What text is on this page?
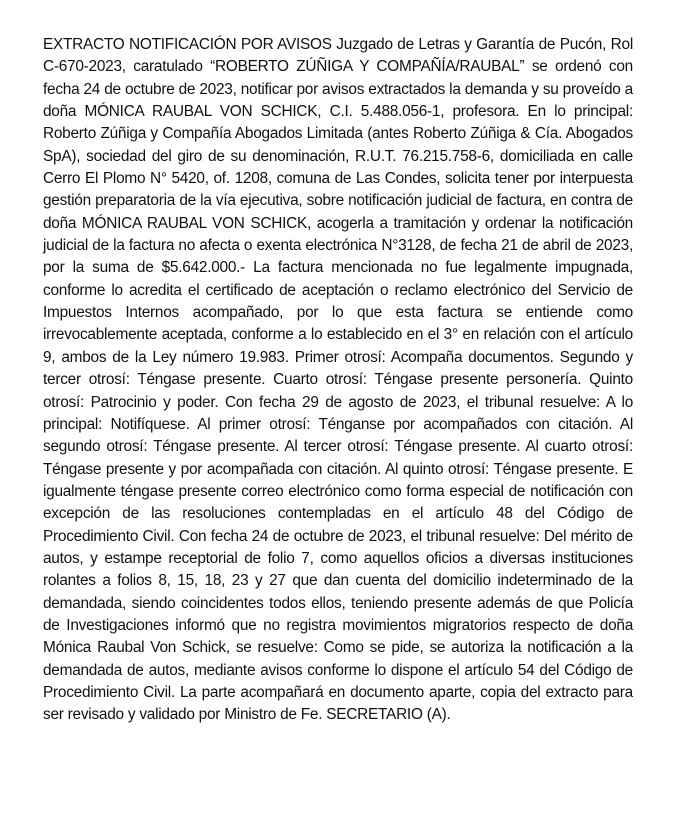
EXTRACTO NOTIFICACIÓN POR AVISOS Juzgado de Letras y Garantía de Pucón, Rol C-670-2023, caratulado “ROBERTO ZÚÑIGA Y COMPAÑÍA/RAUBAL” se ordenó con fecha 24 de octubre de 2023, notificar por avisos extractados la demanda y su proveído a doña MÓNICA RAUBAL VON SCHICK, C.I. 5.488.056-1, profesora. En lo principal: Roberto Zúñiga y Compañía Abogados Limitada (antes Roberto Zúñiga & Cía. Abogados SpA), sociedad del giro de su denominación, R.U.T. 76.215.758-6, domiciliada en calle Cerro El Plomo N° 5420, of. 1208, comuna de Las Condes, solicita tener por interpuesta gestión preparatoria de la vía ejecutiva, sobre notificación judicial de factura, en contra de doña MÓNICA RAUBAL VON SCHICK, acogerla a tramitación y ordenar la notificación judicial de la factura no afecta o exenta electrónica N°3128, de fecha 21 de abril de 2023, por la suma de $5.642.000.- La factura mencionada no fue legalmente impugnada, conforme lo acredita el certificado de aceptación o reclamo electrónico del Servicio de Impuestos Internos acompañado, por lo que esta factura se entiende como irrevocablemente aceptada, conforme a lo establecido en el 3° en relación con el artículo 9, ambos de la Ley número 19.983. Primer otrosí: Acompaña documentos. Segundo y tercer otrosí: Téngase presente. Cuarto otrosí: Téngase presente personería. Quinto otrosí: Patrocinio y poder. Con fecha 29 de agosto de 2023, el tribunal resuelve: A lo principal: Notifíquese. Al primer otrosí: Ténganse por acompañados con citación. Al segundo otrosí: Téngase presente. Al tercer otrosí: Téngase presente. Al cuarto otrosí: Téngase presente y por acompañada con citación. Al quinto otrosí: Téngase presente. E igualmente téngase presente correo electrónico como forma especial de notificación con excepción de las resoluciones contempladas en el artículo 48 del Código de Procedimiento Civil. Con fecha 24 de octubre de 2023, el tribunal resuelve: Del mérito de autos, y estampe receptorial de folio 7, como aquellos oficios a diversas instituciones rolantes a folios 8, 15, 18, 23 y 27 que dan cuenta del domicilio indeterminado de la demandada, siendo coincidentes todos ellos, teniendo presente además de que Policía de Investigaciones informó que no registra movimientos migratorios respecto de doña Mónica Raubal Von Schick, se resuelve: Como se pide, se autoriza la notificación a la demandada de autos, mediante avisos conforme lo dispone el artículo 54 del Código de Procedimiento Civil. La parte acompañará en documento aparte, copia del extracto para ser revisado y validado por Ministro de Fe. SECRETARIO (A).
